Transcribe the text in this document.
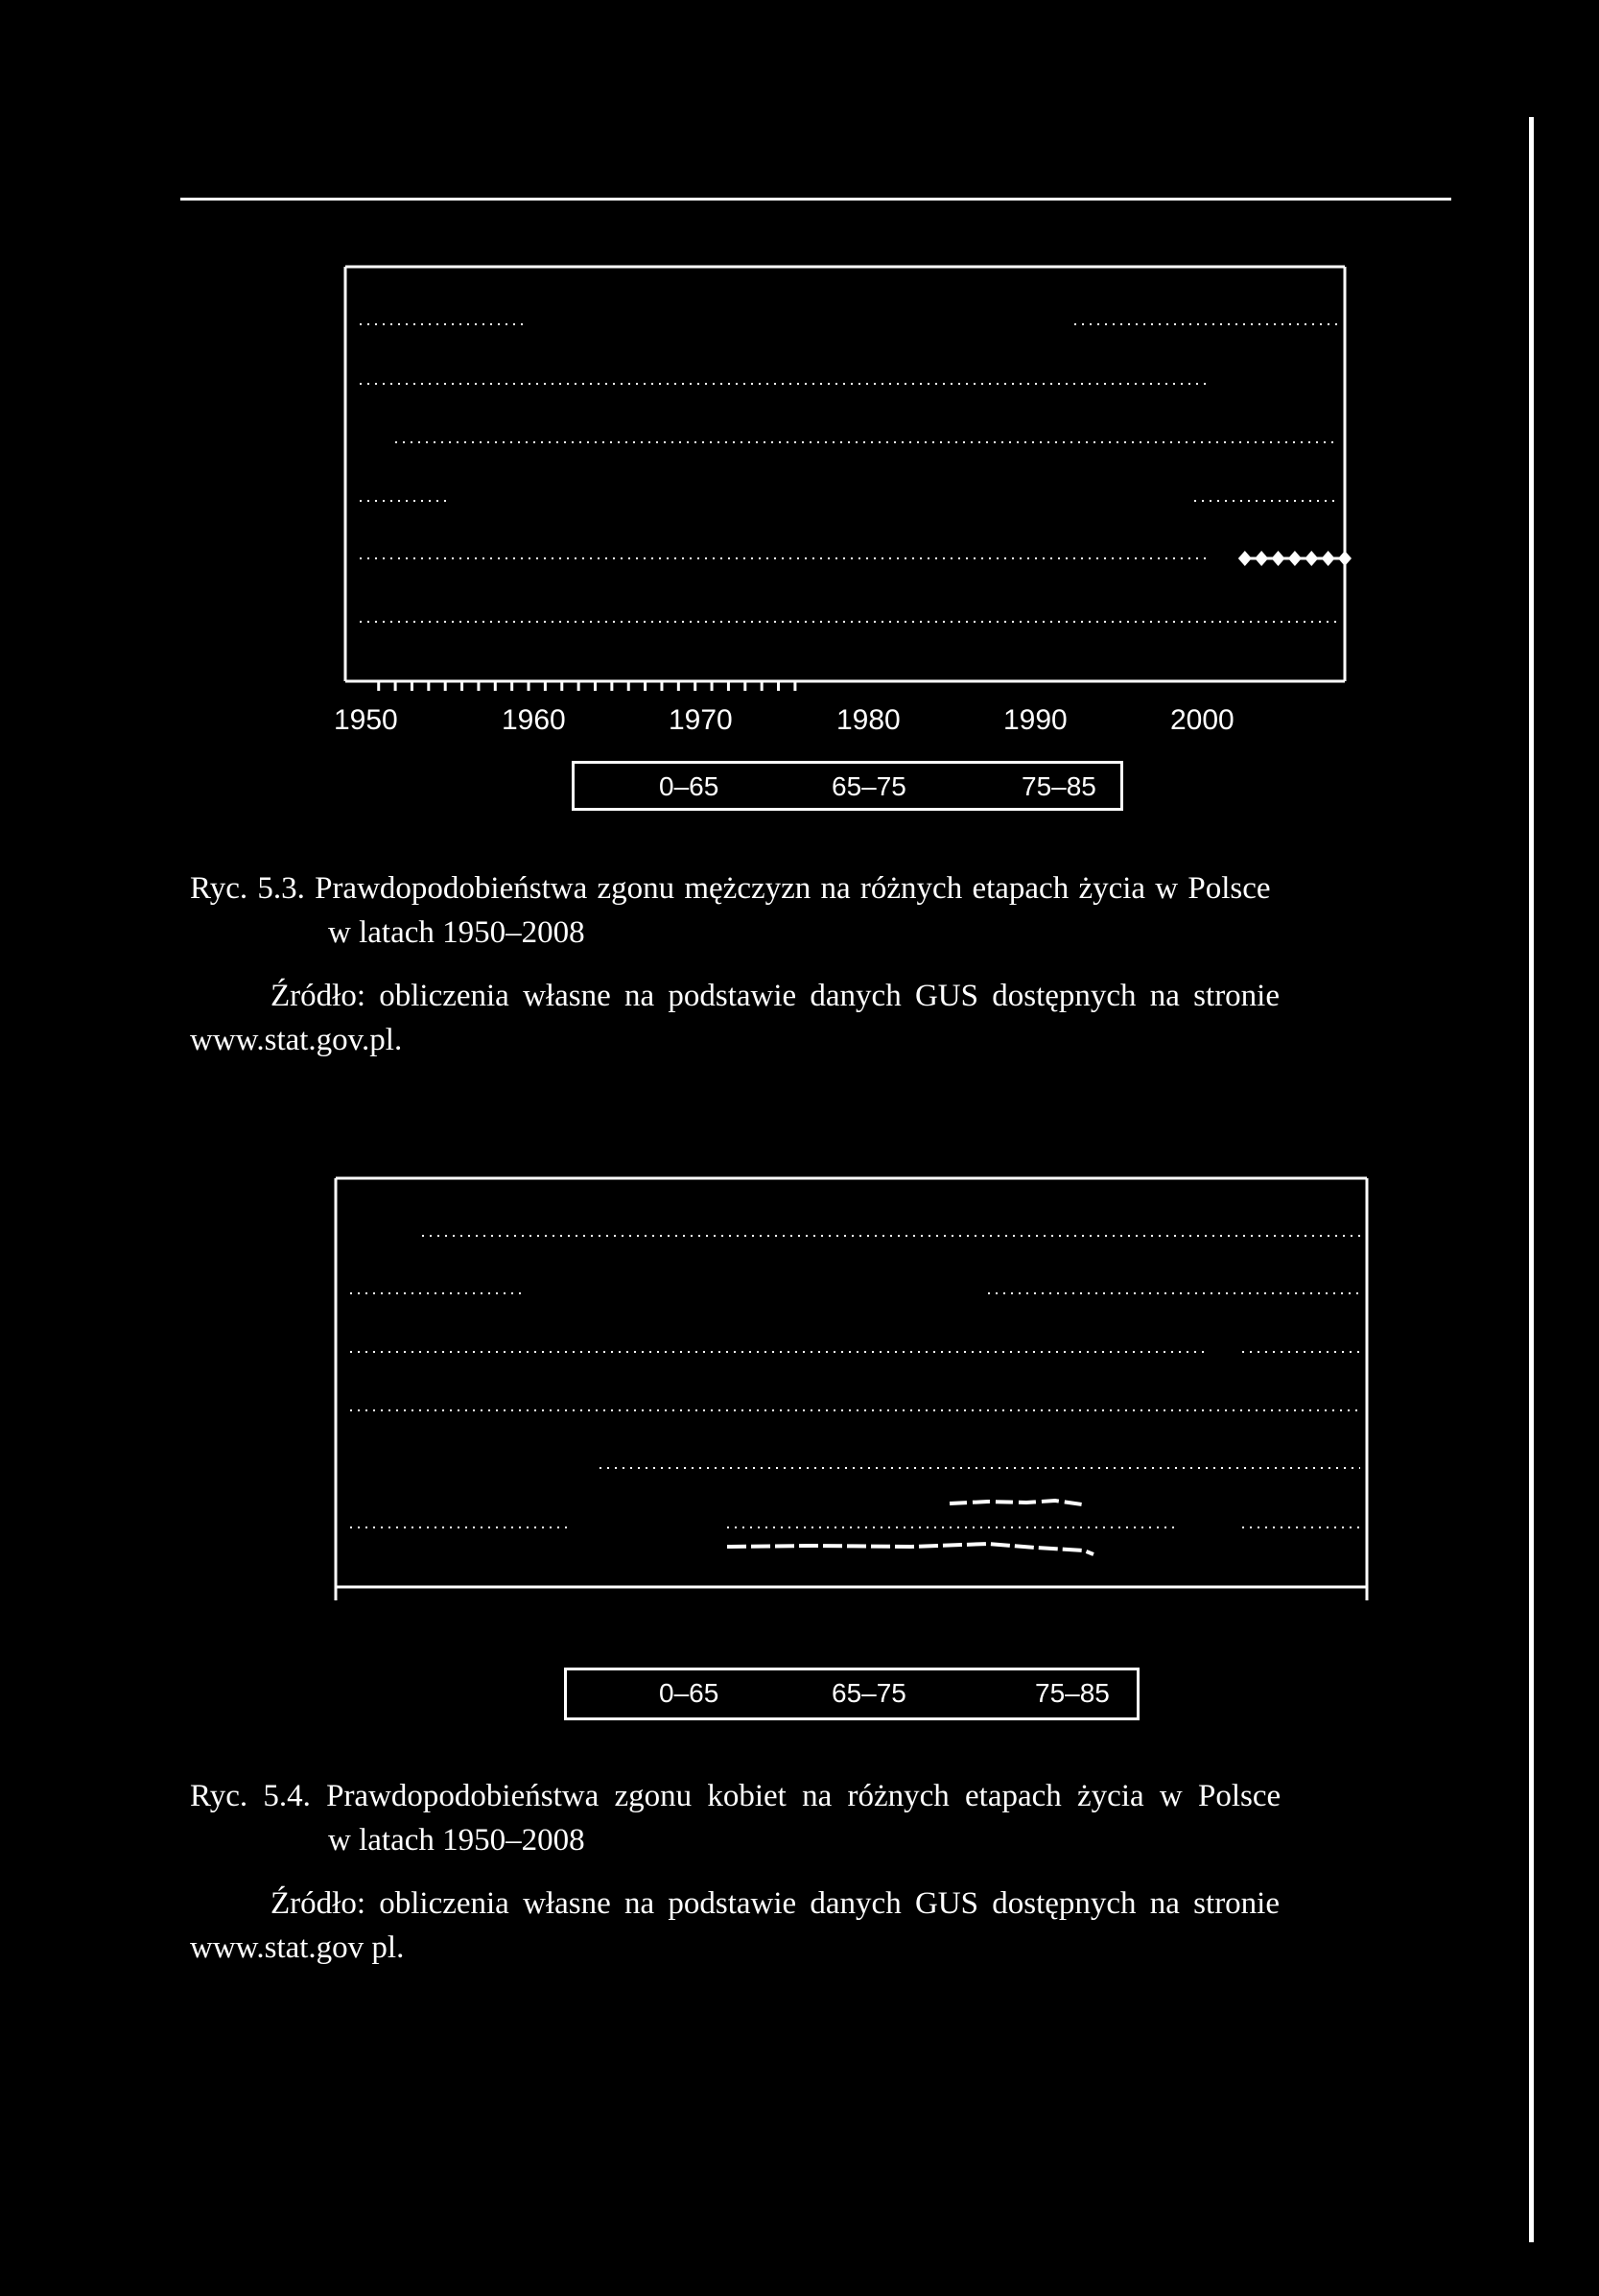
1950	1960	1970	1980	1990	2000
0–65	65–75	75–85
Ryc. 5.3. Prawdopodobieństwa zgonu mężczyzn na różnych etapach życia w Polsce
w latach 1950–2008
Źródło: obliczenia własne na podstawie danych GUS dostępnych na stronie
www.stat.gov.pl.
0–65	65–75	75–85
Ryc. 5.4. Prawdopodobieństwa zgonu kobiet na różnych etapach życia w Polsce
w latach 1950–2008
Źródło: obliczenia własne na podstawie danych GUS dostępnych na stronie
www.stat.gov pl.
